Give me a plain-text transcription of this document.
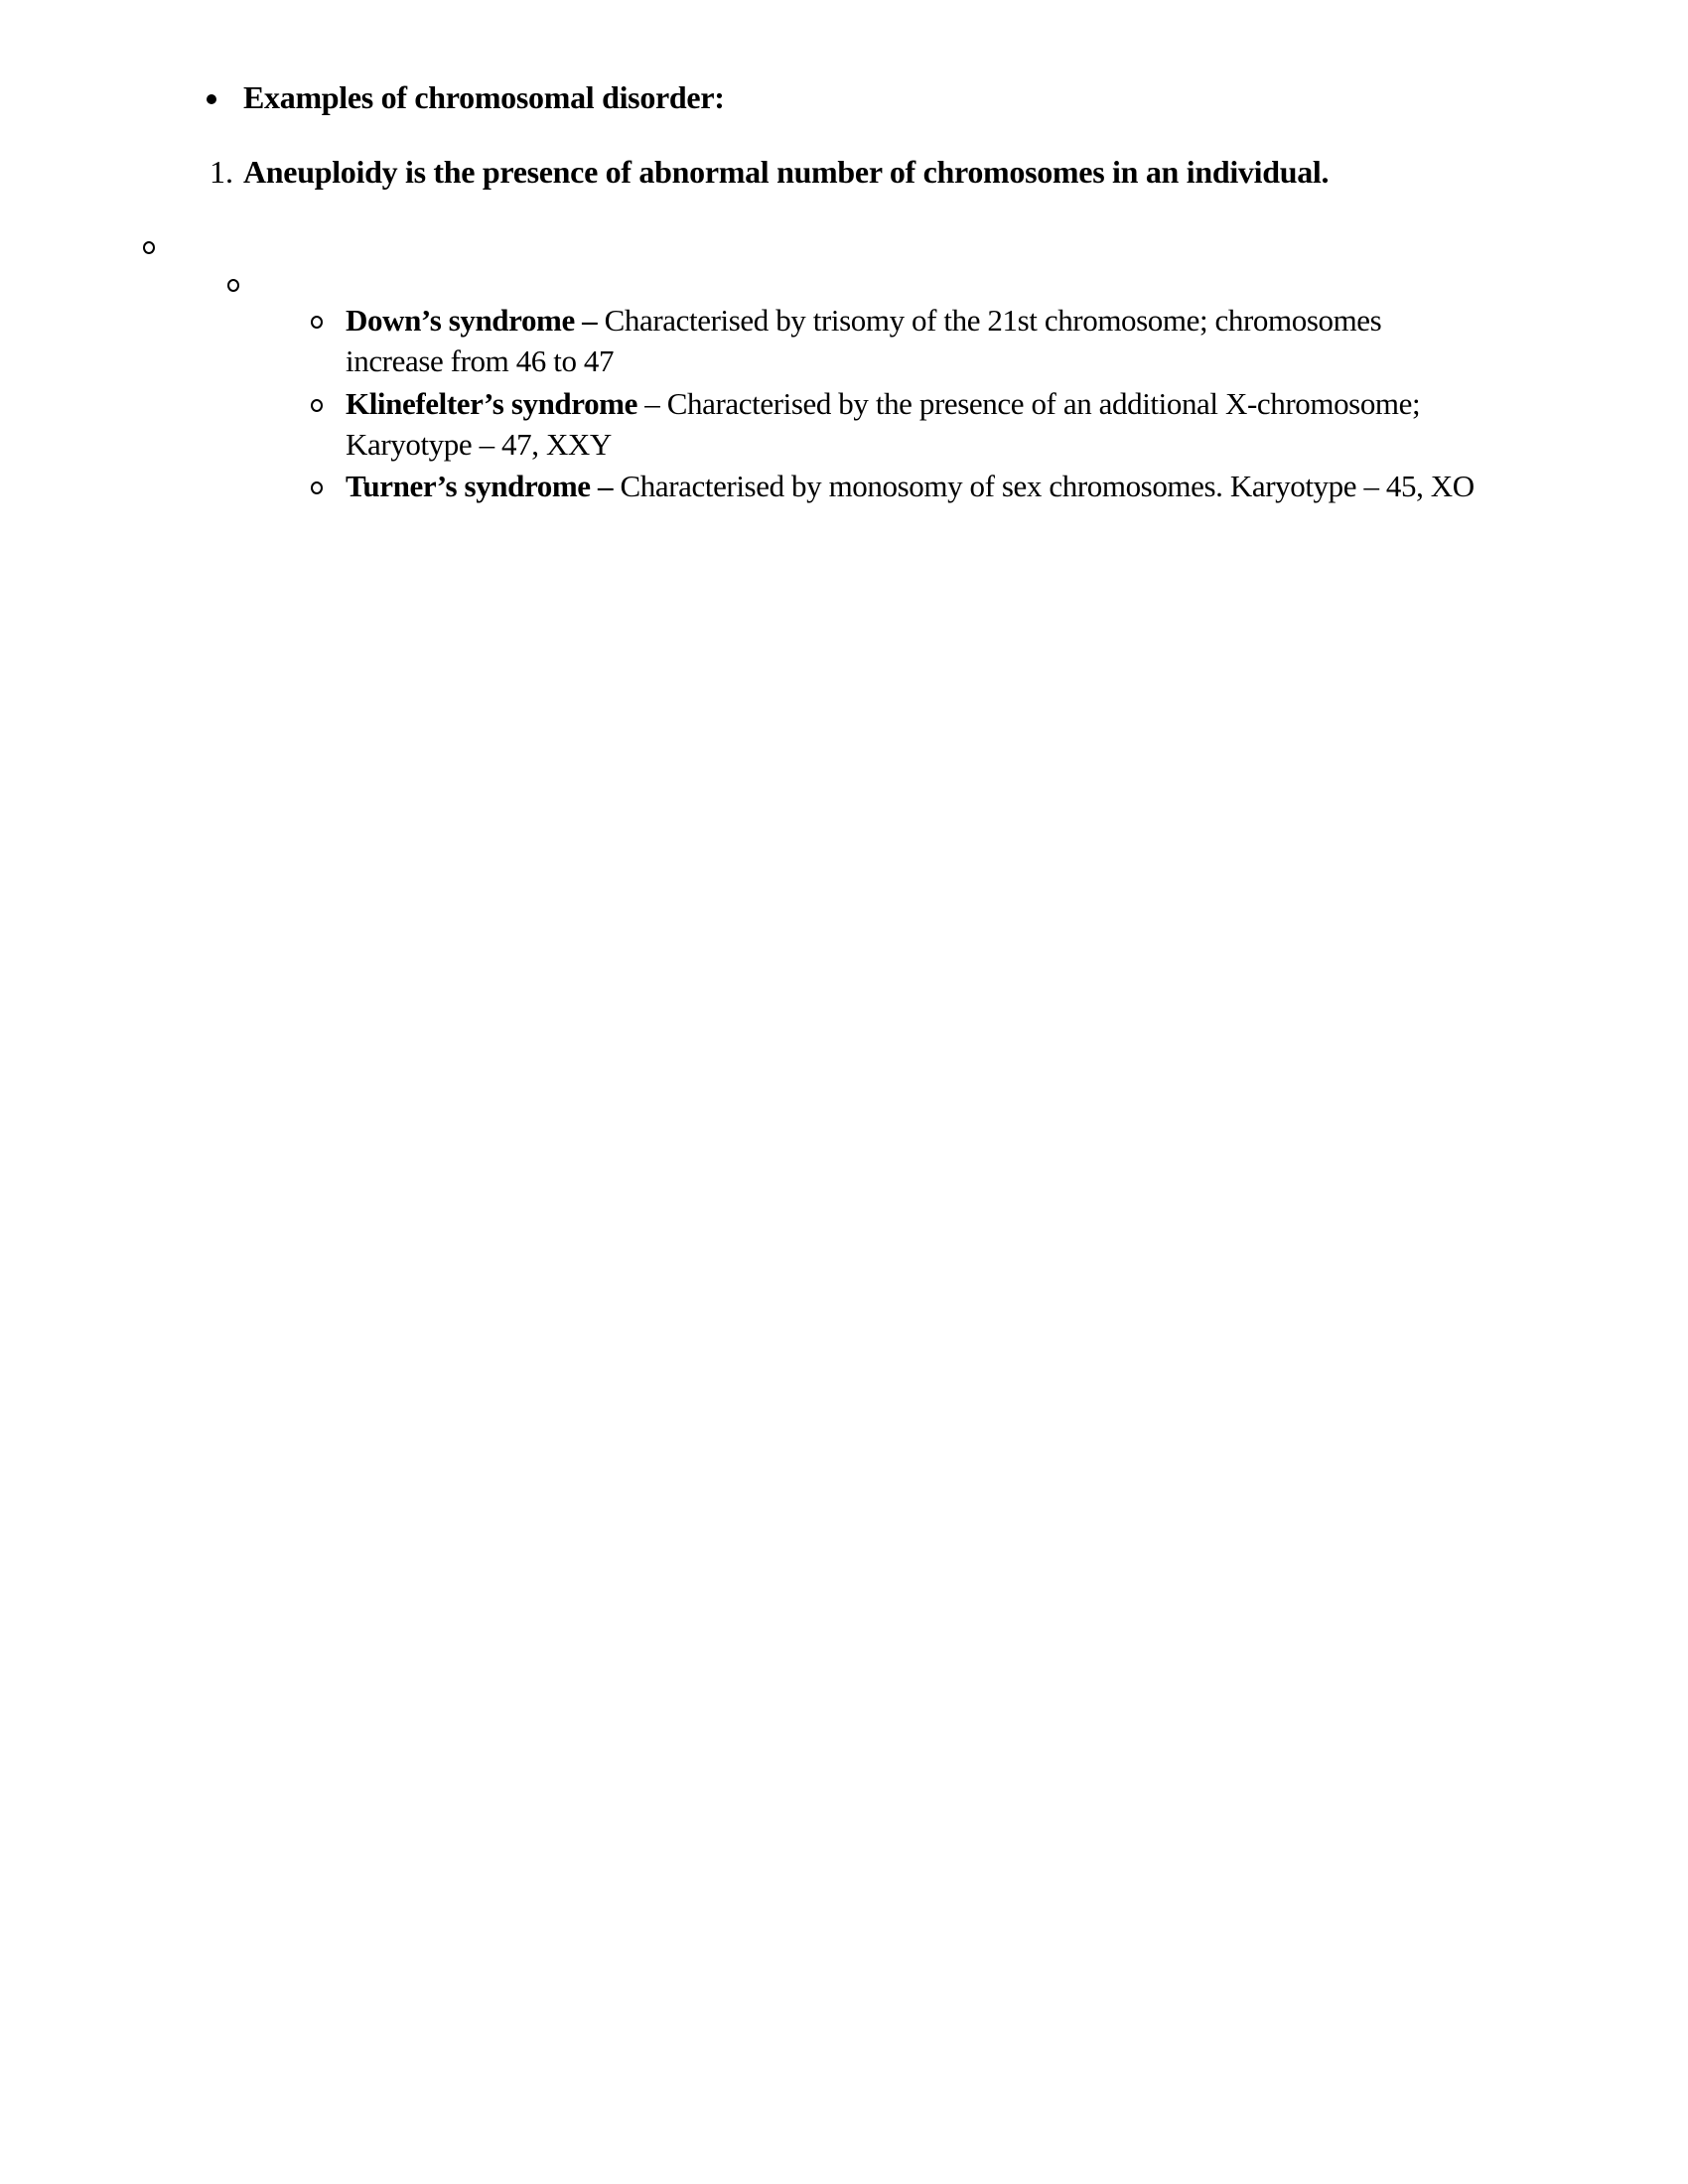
Examples of chromosomal disorder:
1. Aneuploidy is the presence of abnormal number of chromosomes in an individual.
Down’s syndrome – Characterised by trisomy of the 21st chromosome; chromosomes
increase from 46 to 47
Klinefelter’s syndrome – Characterised by the presence of an additional X-chromosome;
Karyotype – 47, XXY
Turner’s syndrome – Characterised by monosomy of sex chromosomes. Karyotype – 45, XO
